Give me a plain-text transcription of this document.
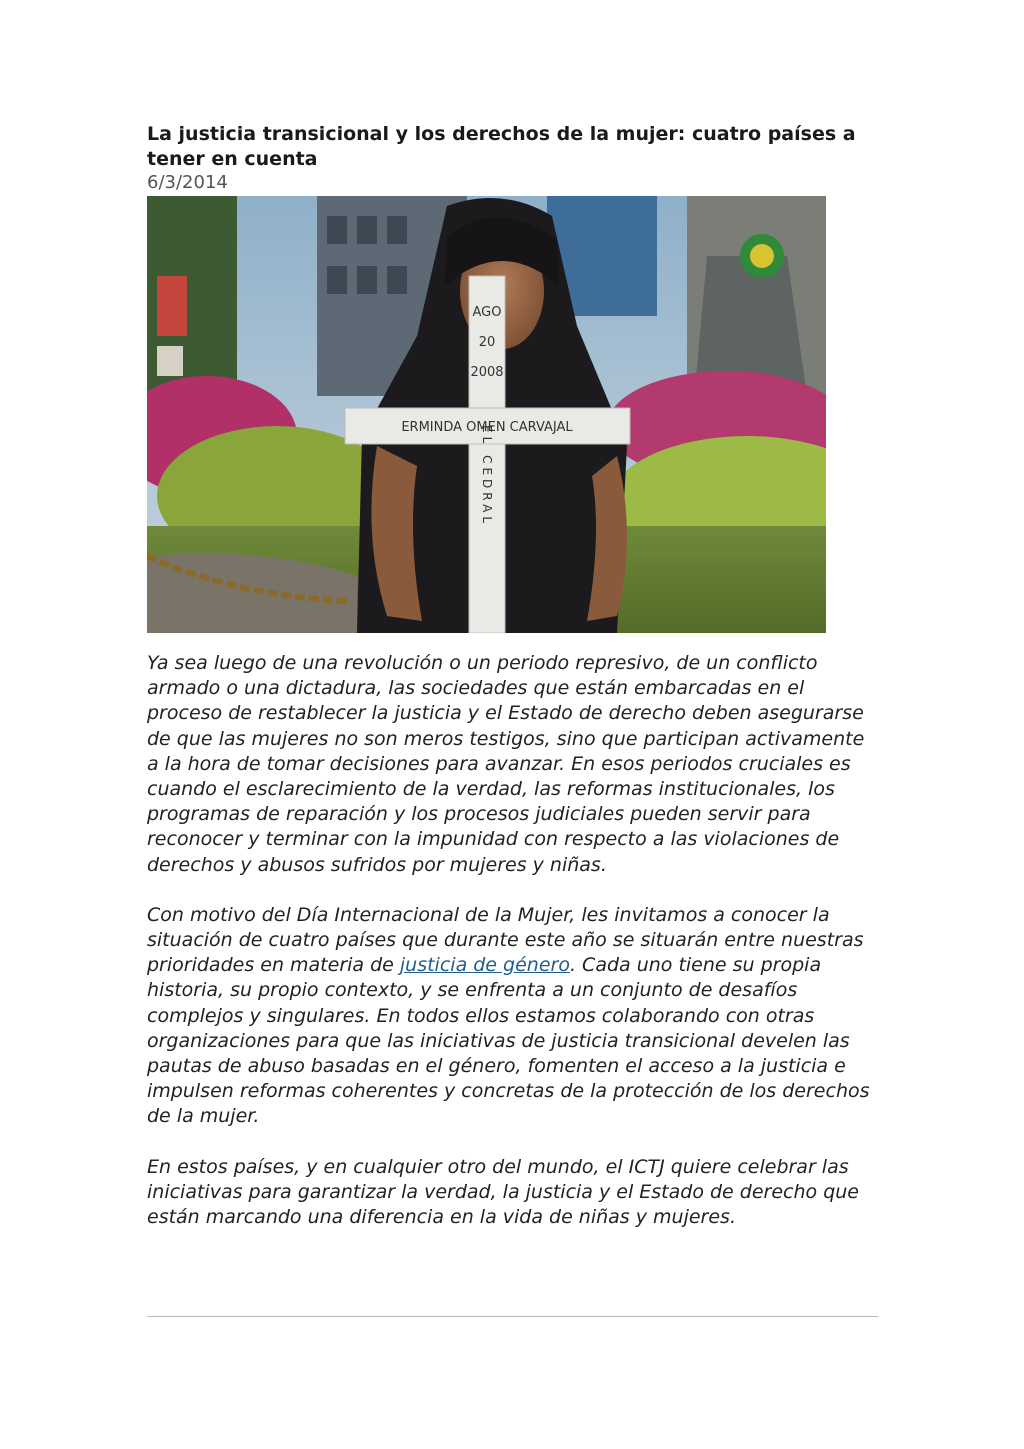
La justicia transicional y los derechos de la mujer: cuatro países a tener en cuenta
6/3/2014
AGO
20
2008
ERMINDA OMEN CARVAJAL
EL CEDRAL

Ya sea luego de una revolución o un periodo represivo, de un conflicto armado o una dictadura, las sociedades que están embarcadas en el proceso de restablecer la justicia y el Estado de derecho deben asegurarse de que las mujeres no son meros testigos, sino que participan activamente a la hora de tomar decisiones para avanzar. En esos periodos cruciales es cuando el esclarecimiento de la verdad, las reformas institucionales, los programas de reparación y los procesos judiciales pueden servir para reconocer y terminar con la impunidad con respecto a las violaciones de derechos y abusos sufridos por mujeres y niñas.

Con motivo del Día Internacional de la Mujer, les invitamos a conocer la situación de cuatro países que durante este año se situarán entre nuestras prioridades en materia de justicia de género. Cada uno tiene su propia historia, su propio contexto, y se enfrenta a un conjunto de desafíos complejos y singulares. En todos ellos estamos colaborando con otras organizaciones para que las iniciativas de justicia transicional develen las pautas de abuso basadas en el género, fomenten el acceso a la justicia e impulsen reformas coherentes y concretas de la protección de los derechos de la mujer.

En estos países, y en cualquier otro del mundo, el ICTJ quiere celebrar las iniciativas para garantizar la verdad, la justicia y el Estado de derecho que están marcando una diferencia en la vida de niñas y mujeres.
